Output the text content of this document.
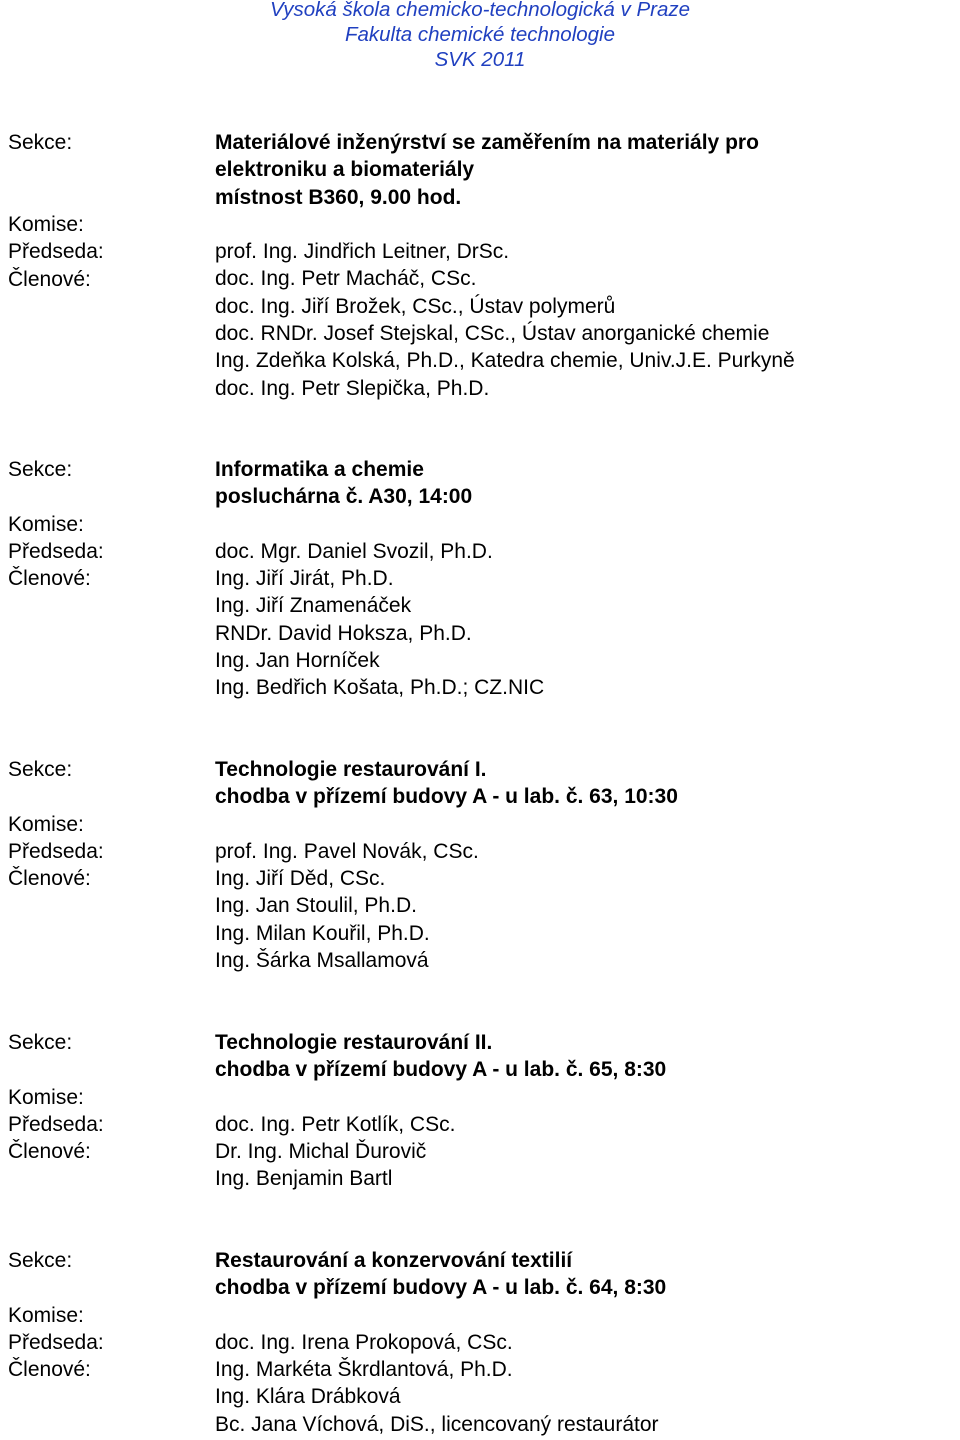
Vysoká škola chemicko-technologická v Praze
Fakulta chemické technologie
SVK 2011
Sekce:
Komise:
Předseda:
Členové:
Materiálové inženýrství se zaměřením na materiály pro
elektroniku a biomateriály
místnost B360, 9.00 hod.
prof. Ing. Jindřich Leitner, DrSc.
doc. Ing. Petr Macháč, CSc.
doc. Ing. Jiří Brožek, CSc., Ústav polymerů
doc. RNDr. Josef Stejskal, CSc., Ústav anorganické chemie
Ing. Zdeňka Kolská, Ph.D., Katedra chemie, Univ.J.E. Purkyně
doc. Ing. Petr Slepička, Ph.D.
Sekce:
Komise:
Předseda:
Členové:
Informatika a chemie
posluchárna č. A30, 14:00
doc. Mgr. Daniel Svozil, Ph.D.
Ing. Jiří Jirát, Ph.D.
Ing. Jiří Znamenáček
RNDr. David Hoksza, Ph.D.
Ing. Jan Horníček
Ing. Bedřich Košata, Ph.D.; CZ.NIC
Sekce:
Komise:
Předseda:
Členové:
Technologie restaurování I.
chodba v přízemí budovy A - u lab. č. 63, 10:30
prof. Ing. Pavel Novák, CSc.
Ing. Jiří Děd, CSc.
Ing. Jan Stoulil, Ph.D.
Ing. Milan Kouřil, Ph.D.
Ing. Šárka Msallamová
Sekce:
Komise:
Předseda:
Členové:
Technologie restaurování II.
chodba v přízemí budovy A - u lab. č. 65, 8:30
doc. Ing. Petr Kotlík, CSc.
Dr. Ing. Michal Ďurovič
Ing. Benjamin Bartl
Sekce:
Komise:
Předseda:
Členové:
Restaurování a konzervování textilií
chodba v přízemí budovy A - u lab. č. 64, 8:30
doc. Ing. Irena Prokopová, CSc.
Ing. Markéta Škrdlantová, Ph.D.
Ing. Klára Drábková
Bc. Jana Víchová, DiS., licencovaný restaurátor
